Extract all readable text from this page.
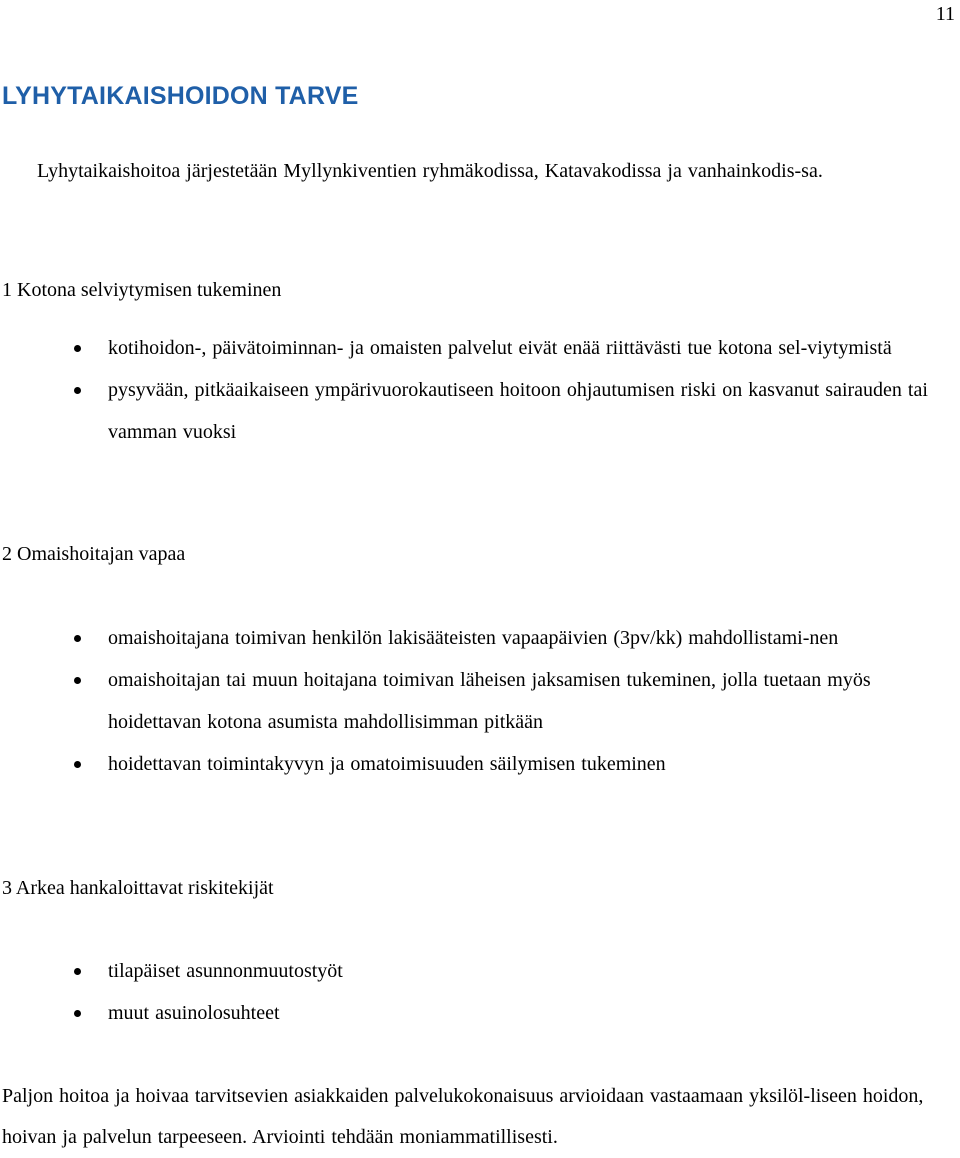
11
LYHYTAIKAISHOIDON TARVE

Lyhytaikaishoitoa järjestetään Myllynkiventien ryhmäkodissa, Katavakodissa ja vanhainkodis-sa.

1 Kotona selviytymisen tukeminen
kotihoidon-, päivätoiminnan- ja omaisten palvelut eivät enää riittävästi tue kotona sel-viytymistä
pysyvään, pitkäaikaiseen ympärivuorokautiseen hoitoon ohjautumisen riski on kasvanut sairauden tai vamman vuoksi
2 Omaishoitajan vapaa
omaishoitajana toimivan henkilön lakisääteisten vapaapäivien (3pv/kk) mahdollistami-nen
omaishoitajan tai muun hoitajana toimivan läheisen jaksamisen tukeminen, jolla tuetaan myös hoidettavan kotona asumista mahdollisimman pitkään
hoidettavan toimintakyvyn ja omatoimisuuden säilymisen tukeminen
3 Arkea hankaloittavat riskitekijät
tilapäiset asunnonmuutostyöt
muut asuinolosuhteet

Paljon hoitoa ja hoivaa tarvitsevien asiakkaiden palvelukokonaisuus arvioidaan vastaamaan yksilöl-liseen hoidon, hoivan ja palvelun tarpeeseen. Arviointi tehdään moniammatillisesti.
